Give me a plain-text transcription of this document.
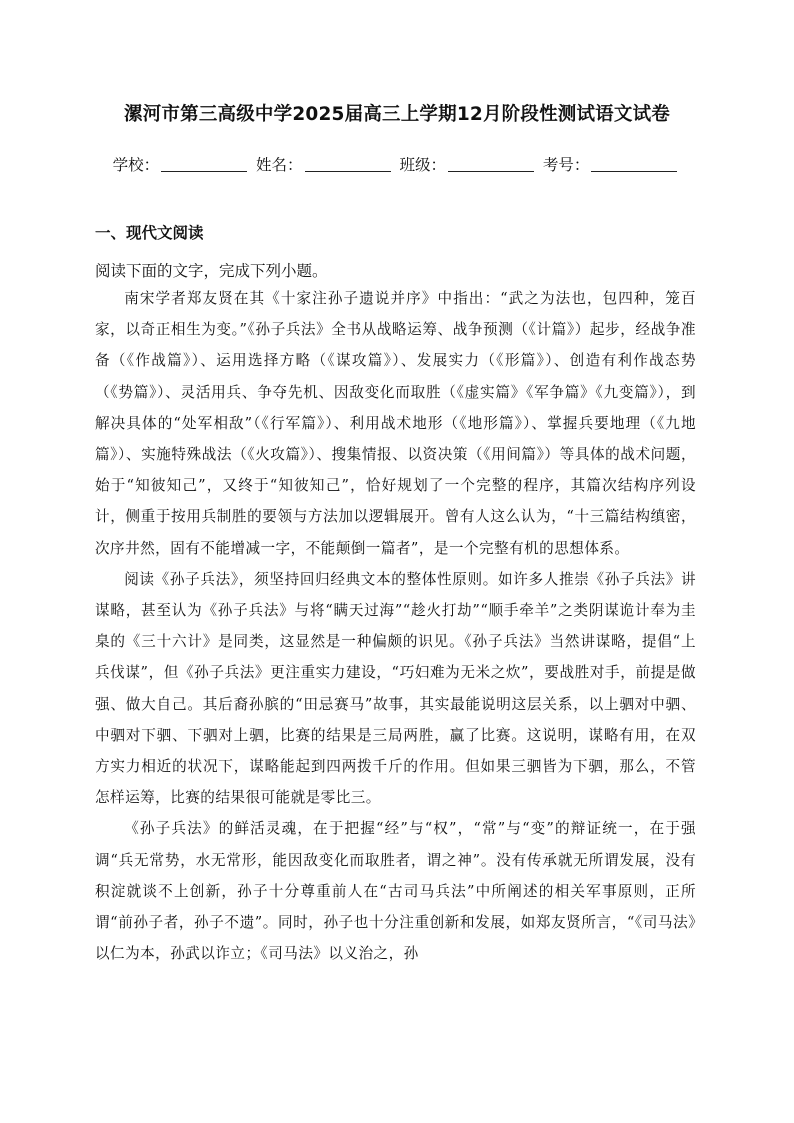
漯河市第三高级中学2025届高三上学期12月阶段性测试语文试卷
学校：	姓名：	班级：	考号：
一、现代文阅读
阅读下面的文字，完成下列小题。

南宋学者郑友贤在其《十家注孙子遗说并序》中指出：“武之为法也，包四种，笼百家，以奇正相生为变。”《孙子兵法》全书从战略运筹、战争预测（《计篇》）起步，经战争准备（《作战篇》）、运用选择方略（《谋攻篇》）、发展实力（《形篇》）、创造有利作战态势（《势篇》）、灵活用兵、争夺先机、因敌变化而取胜（《虚实篇》《军争篇》《九变篇》），到解决具体的“处军相敌”（《行军篇》）、利用战术地形（《地形篇》）、掌握兵要地理（《九地篇》）、实施特殊战法（《火攻篇》）、搜集情报、以资决策（《用间篇》）等具体的战术问题，始于“知彼知己”，又终于“知彼知己”，恰好规划了一个完整的程序，其篇次结构序列设计，侧重于按用兵制胜的要领与方法加以逻辑展开。曾有人这么认为，“十三篇结构缜密，次序井然，固有不能增减一字，不能颠倒一篇者”，是一个完整有机的思想体系。

阅读《孙子兵法》，须坚持回归经典文本的整体性原则。如许多人推崇《孙子兵法》讲谋略，甚至认为《孙子兵法》与将“瞒天过海”“趁火打劫”“顺手牵羊”之类阴谋诡计奉为圭臬的《三十六计》是同类，这显然是一种偏颇的识见。《孙子兵法》当然讲谋略，提倡“上兵伐谋”，但《孙子兵法》更注重实力建设，“巧妇难为无米之炊”，要战胜对手，前提是做强、做大自己。其后裔孙膑的“田忌赛马”故事，其实最能说明这层关系，以上驷对中驷、中驷对下驷、下驷对上驷，比赛的结果是三局两胜，赢了比赛。这说明，谋略有用，在双方实力相近的状况下，谋略能起到四两拨千斤的作用。但如果三驷皆为下驷，那么，不管怎样运筹，比赛的结果很可能就是零比三。

《孙子兵法》的鲜活灵魂，在于把握“经”与“权”，“常”与“变”的辩证统一，在于强调“兵无常势，水无常形，能因敌变化而取胜者，谓之神”。没有传承就无所谓发展，没有积淀就谈不上创新，孙子十分尊重前人在“古司马兵法”中所阐述的相关军事原则，正所谓“前孙子者，孙子不遗”。同时，孙子也十分注重创新和发展，如郑友贤所言，“《司马法》以仁为本，孙武以诈立；《司马法》以义治之，孙
